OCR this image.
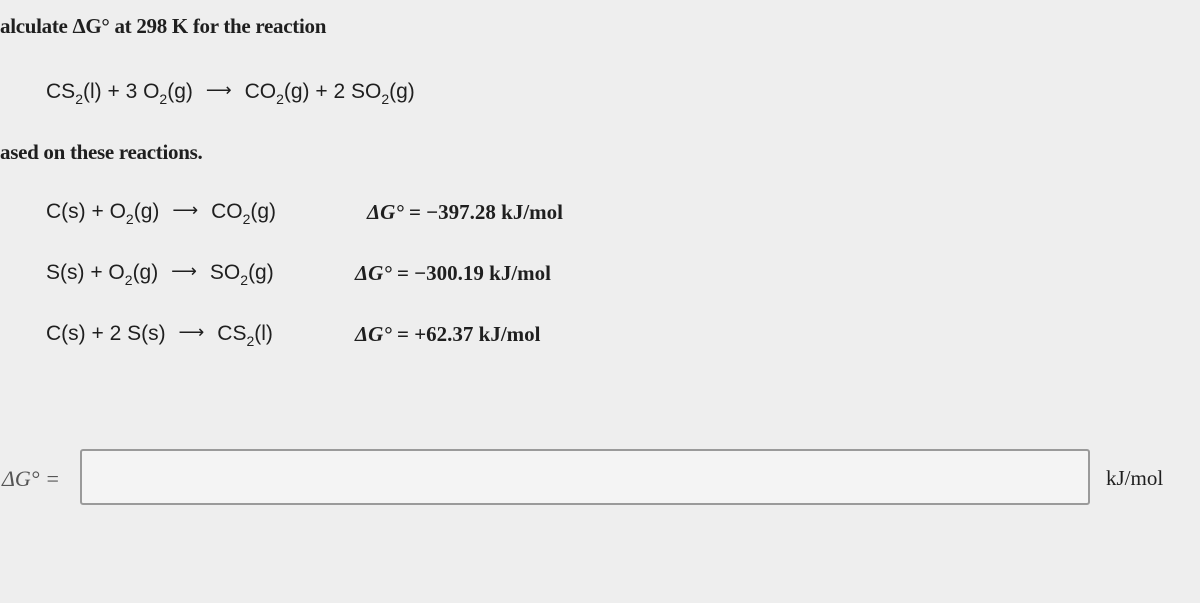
alculate ΔG° at 298 K for the reaction
$CS_2(l) + 3$ $O_2(g)$ ⟶ $CO_2(g) + 2$ $SO_2(g)$
ased on these reactions.
$C(s) + O_2(g)$ ⟶ $CO_2(g)$	ΔG° = −397.28 kJ/mol
$S(s) + O_2(g)$ ⟶ $SO_2(g)$	ΔG° = −300.19 kJ/mol
C(s) + 2 S(s) ⟶ $CS_2(l)$	ΔG° = +62.37 kJ/mol
ΔG° =	kJ/mol
